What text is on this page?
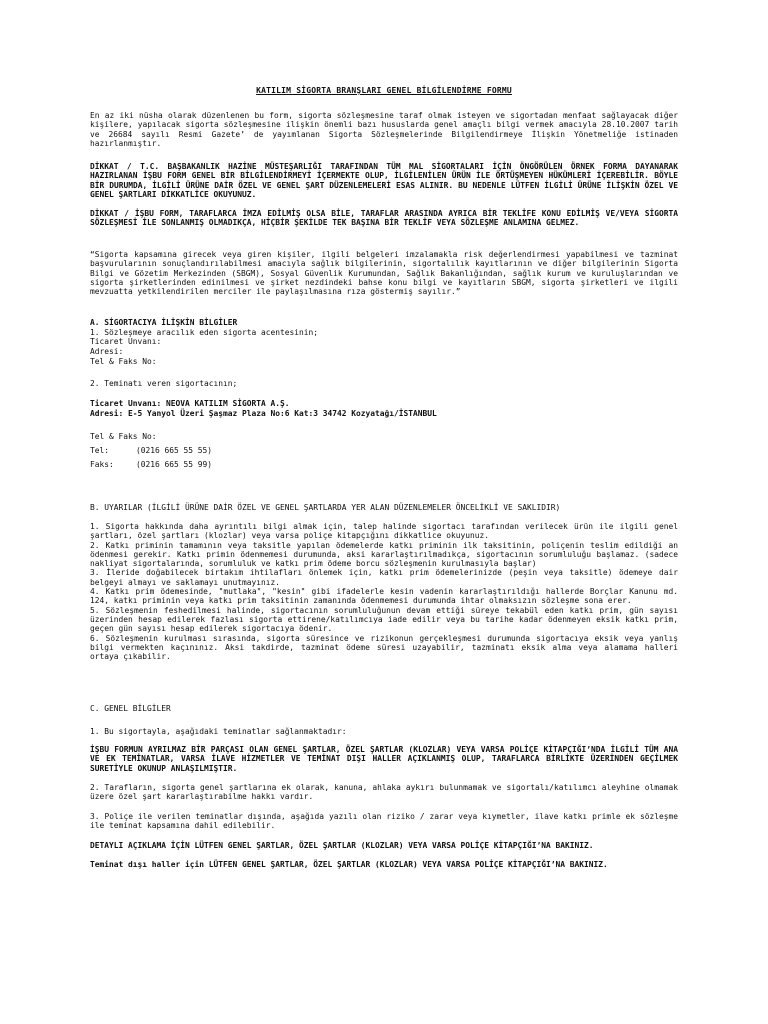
KATILIM SİGORTA BRANŞLARI GENEL BİLGİLENDİRME FORMU

En az iki nüsha olarak düzenlenen bu form, sigorta sözleşmesine taraf olmak isteyen ve sigortadan menfaat sağlayacak diğer kişilere, yapılacak sigorta sözleşmesine ilişkin önemli bazı hususlarda genel amaçlı bilgi vermek amacıyla 28.10.2007 tarih ve 26684 sayılı Resmi Gazete’ de yayımlanan Sigorta Sözleşmelerinde Bilgilendirmeye İlişkin Yönetmeliğe istinaden hazırlanmıştır.

DİKKAT / T.C. BAŞBAKANLIK HAZİNE MÜSTEŞARLIĞI TARAFINDAN TÜM MAL SİGORTALARI İÇİN ÖNGÖRÜLEN ÖRNEK FORMA DAYANARAK HAZIRLANAN İŞBU FORM GENEL BİR BİLGİLENDİRMEYİ İÇERMEKTE OLUP, İLGİLENİLEN ÜRÜN İLE ÖRTÜŞMEYEN HÜKÜMLERİ İÇEREBİLİR. BÖYLE BİR DURUMDA, İLGİLİ ÜRÜNE DAİR ÖZEL VE GENEL ŞART DÜZENLEMELERİ ESAS ALINIR. BU NEDENLE LÜTFEN İLGİLİ ÜRÜNE İLİŞKİN ÖZEL VE GENEL ŞARTLARI DİKKATLİCE OKUYUNUZ.

DİKKAT / İŞBU FORM, TARAFLARCA İMZA EDİLMİŞ OLSA BİLE, TARAFLAR ARASINDA AYRICA BİR TEKLİFE KONU EDİLMİŞ VE/VEYA SİGORTA SÖZLEŞMESİ İLE SONLANMIŞ OLMADIKÇA, HİÇBİR ŞEKİLDE TEK BAŞINA BİR TEKLİF VEYA SÖZLEŞME ANLAMINA GELMEZ.

“Sigorta kapsamına girecek veya giren kişiler, ilgili belgeleri imzalamakla risk değerlendirmesi yapabilmesi ve tazminat başvurularının sonuçlandırılabilmesi amacıyla sağlık bilgilerinin, sigortalılık kayıtlarının ve diğer bilgilerinin Sigorta Bilgi ve Gözetim Merkezinden (SBGM), Sosyal Güvenlik Kurumundan, Sağlık Bakanlığından, sağlık kurum ve kuruluşlarından ve sigorta şirketlerinden edinilmesi ve şirket nezdindeki bahse konu bilgi ve kayıtların SBGM, sigorta şirketleri ve ilgili mevzuatta yetkilendirilen merciler ile paylaşılmasına rıza göstermiş sayılır.”

A. SİGORTACIYA İLİŞKİN BİLGİLER
1. Sözleşmeye aracılık eden sigorta acentesinin;
Ticaret Unvanı:
Adresi:
Tel & Faks No:
2. Teminatı veren sigortacının;
Ticaret Unvanı: NEOVA KATILIM SİGORTA A.Ş.
Adresi: E-5 Yanyol Üzeri Şaşmaz Plaza No:6 Kat:3 34742 Kozyatağı/İSTANBUL
Tel & Faks No:
Tel:	(0216 665 55 55)
Faks:	(0216 665 55 99)
B. UYARILAR (İLGİLİ ÜRÜNE DAİR ÖZEL VE GENEL ŞARTLARDA YER ALAN DÜZENLEMELER ÖNCELİKLİ VE SAKLIDIR)

1. Sigorta hakkında daha ayrıntılı bilgi almak için, talep halinde sigortacı tarafından verilecek ürün ile ilgili genel şartları, özel şartları (klozlar) veya varsa poliçe kitapçığını dikkatlice okuyunuz.

2. Katkı priminin tamamının veya taksitle yapılan ödemelerde katkı priminin ilk taksitinin, poliçenin teslim edildiği an ödenmesi gerekir. Katkı primin ödenmemesi durumunda, aksi kararlaştırılmadıkça, sigortacının sorumluluğu başlamaz. (sadece nakliyat sigortalarında, sorumluluk ve katkı prim ödeme borcu sözleşmenin kurulmasıyla başlar)

3. İleride doğabilecek birtakım ihtilafları önlemek için, katkı prim ödemelerinizde (peşin veya taksitle) ödemeye dair belgeyi almayı ve saklamayı unutmayınız.

4. Katkı prim ödemesinde, "mutlaka", "kesin" gibi ifadelerle kesin vadenin kararlaştırıldığı hallerde Borçlar Kanunu md. 124, katkı priminin veya katkı prim taksitinin zamanında ödenmemesi durumunda ihtar olmaksızın sözleşme sona erer.

5. Sözleşmenin feshedilmesi halinde, sigortacının sorumluluğunun devam ettiği süreye tekabül eden katkı prim, gün sayısı üzerinden hesap edilerek fazlası sigorta ettirene/katılımcıya iade edilir veya bu tarihe kadar ödenmeyen eksik katkı prim, geçen gün sayısı hesap edilerek sigortacıya ödenir.

6. Sözleşmenin kurulması sırasında, sigorta süresince ve rizikonun gerçekleşmesi durumunda sigortacıya eksik veya yanlış bilgi vermekten kaçınınız. Aksi takdirde, tazminat ödeme süresi uzayabilir, tazminatı eksik alma veya alamama halleri ortaya çıkabilir.

C. GENEL BİLGİLER

1. Bu sigortayla, aşağıdaki teminatlar sağlanmaktadır:

İŞBU FORMUN AYRILMAZ BİR PARÇASI OLAN GENEL ŞARTLAR, ÖZEL ŞARTLAR (KLOZLAR) VEYA VARSA POLİÇE KİTAPÇIĞI’NDA İLGİLİ TÜM ANA VE EK TEMİNATLAR, VARSA İLAVE HİZMETLER VE TEMİNAT DIŞI HALLER AÇIKLANMIŞ OLUP, TARAFLARCA BİRLİKTE ÜZERİNDEN GEÇİLMEK SURETİYLE OKUNUP ANLAŞILMIŞTIR.

2. Tarafların, sigorta genel şartlarına ek olarak, kanuna, ahlaka aykırı bulunmamak ve sigortalı/katılımcı aleyhine olmamak üzere özel şart kararlaştırabilme hakkı vardır.

3. Poliçe ile verilen teminatlar dışında, aşağıda yazılı olan riziko / zarar veya kıymetler, ilave katkı primle ek sözleşme ile teminat kapsamına dahil edilebilir.

DETAYLI AÇIKLAMA İÇİN LÜTFEN GENEL ŞARTLAR, ÖZEL ŞARTLAR (KLOZLAR) VEYA VARSA POLİÇE KİTAPÇIĞI’NA BAKINIZ.
Teminat dışı haller için LÜTFEN GENEL ŞARTLAR, ÖZEL ŞARTLAR (KLOZLAR) VEYA VARSA POLİÇE KİTAPÇIĞI’NA BAKINIZ.
